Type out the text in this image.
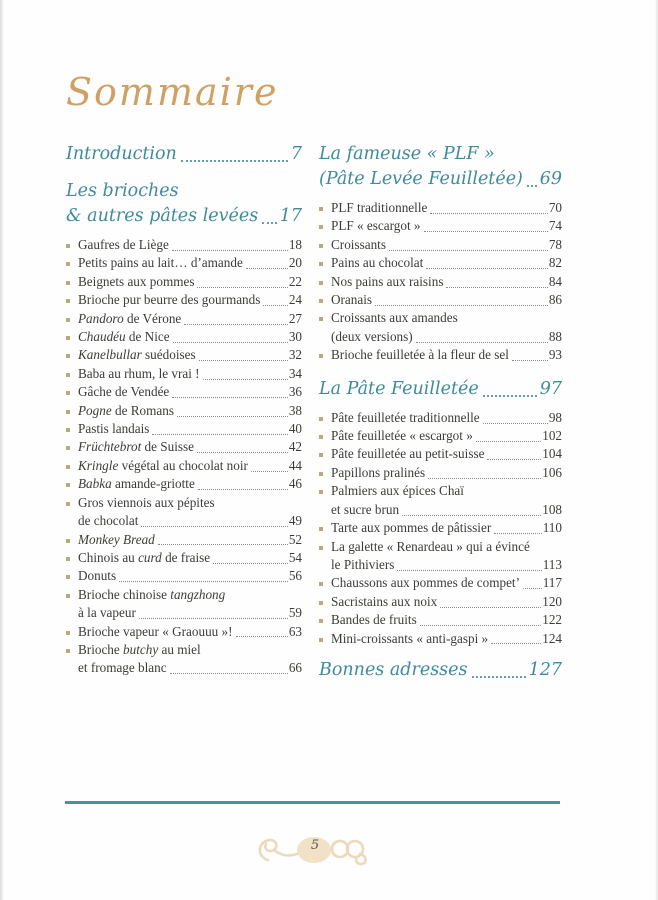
Sommaire
Introduction	7
Les brioches
& autres pâtes levées 17
Gaufres de Liège	18
Petits pains au lait… d’amande	20
Beignets aux pommes	22
Brioche pur beurre des gourmands 24
Pandoro de Vérone	27
Chaudéu de Nice	30
Kanelbullar suédoises	32
Baba au rhum, le vrai !	34
Gâche de Vendée	36
Pogne de Romans	38
Pastis landais	40
Früchtebrot de Suisse	42
Kringle végétal au chocolat noir	44
Babka amande-griotte	46
Gros viennois aux pépites
de chocolat	49
Monkey Bread	52
Chinois au curd de fraise	54
Donuts	56
Brioche chinoise tangzhong
à la vapeur	59
Brioche vapeur « Graouuu »!	63
Brioche butchy au miel
et fromage blanc	66
La fameuse « PLF »
(Pâte Levée Feuilletée) 69
PLF traditionnelle	70
PLF « escargot »	74
Croissants	78
Pains au chocolat	82
Nos pains aux raisins	84
Oranais	86
Croissants aux amandes
(deux versions)	88
Brioche feuilletée à la fleur de sel	93
La Pâte Feuilletée	97
Pâte feuilletée traditionnelle	98
Pâte feuilletée « escargot »	102
Pâte feuilletée au petit-suisse	104
Papillons pralinés	106
Palmiers aux épices Chaï
et sucre brun	108
Tarte aux pommes de pâtissier	110
La galette « Renardeau » qui a évincé
le Pithiviers	113
Chaussons aux pommes de compet’ 117
Sacristains aux noix	120
Bandes de fruits	122
Mini-croissants « anti-gaspi »	124
Bonnes adresses	127
5
